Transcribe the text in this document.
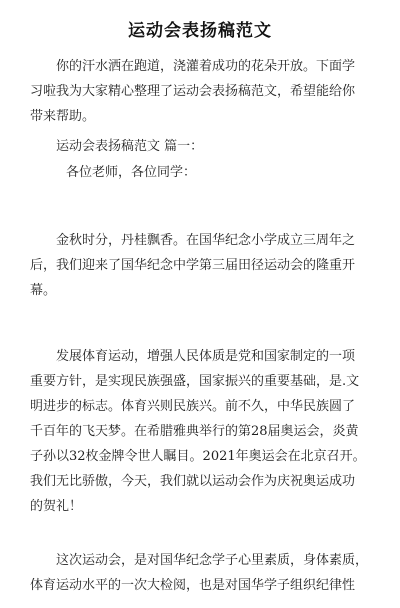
运动会表扬稿范文

你的汗水洒在跑道，浇灌着成功的花朵开放。下面学
习啦我为大家精心整理了运动会表扬稿范文，希望能给你
带来帮助。

运动会表扬稿范文 篇一：

各位老师，各位同学：

金秋时分，丹桂飘香。在国华纪念小学成立三周年之
后，我们迎来了国华纪念中学第三届田径运动会的隆重开
幕。

发展体育运动，增强人民体质是党和国家制定的一项
重要方针，是实现民族强盛，国家振兴的重要基础，是.文
明进步的标志。体育兴则民族兴。前不久，中华民族圆了
千百年的飞天梦。在希腊雅典举行的第28届奥运会，炎黄
子孙以32枚金牌令世人瞩目。2021年奥运会在北京召开。
我们无比骄傲，今天，我们就以运动会作为庆祝奥运成功
的贺礼！

这次运动会，是对国华纪念学子心里素质，身体素质，
体育运动水平的一次大检阅，也是对国华学子组织纪律性
